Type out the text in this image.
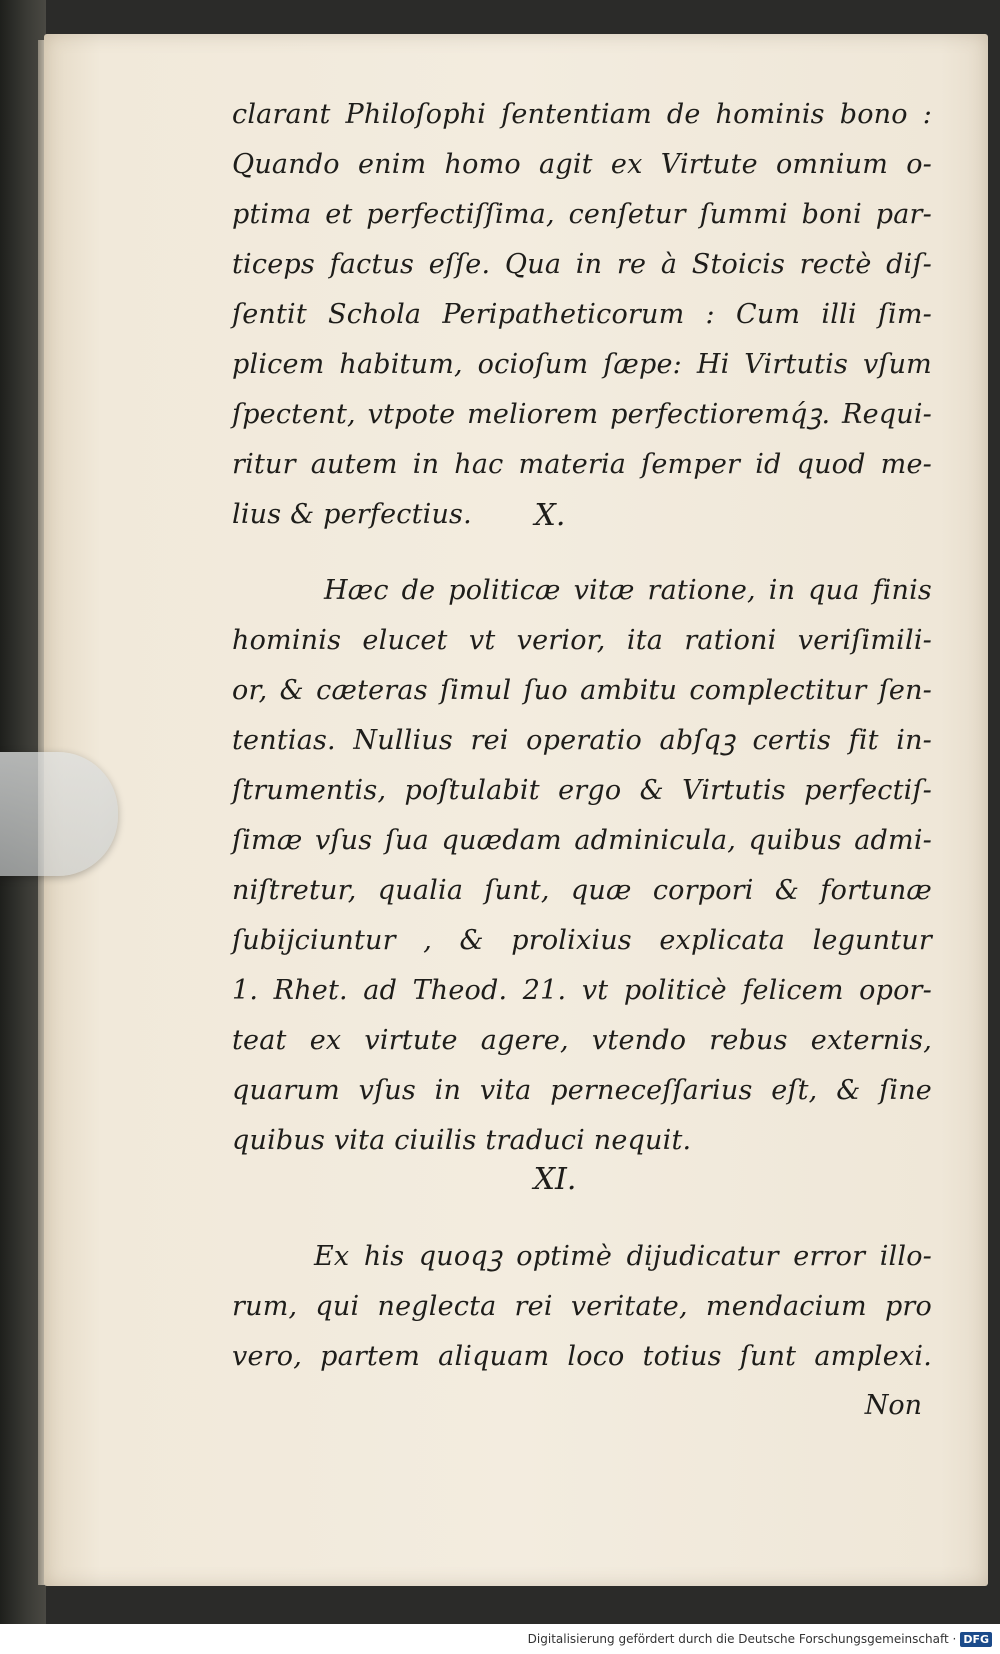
clarant Philoſophi ſententiam de hominis bono :
Quando enim homo agit ex Virtute omnium o-
ptima et perfectiſſima, cenſetur ſummi boni par-
ticeps factus eſſe. Qua in re à Stoicis rectè diſ-
ſentit Schola Peripatheticorum : Cum illi ſim-
plicem habitum, ocioſum ſæpe: Hi Virtutis vſum
ſpectent, vtpote meliorem perfectioremq́ꝫ. Requi-
ritur autem in hac materia ſemper id quod me-
lius & perfectius.	X.
Hæc de politicæ vitæ ratione, in qua finis
hominis elucet vt verior, ita rationi veriſimili-
or, & cæteras ſimul ſuo ambitu complectitur ſen-
tentias. Nullius rei operatio abſqꝫ certis fit in-
ſtrumentis, poſtulabit ergo & Virtutis perfectiſ-
ſimæ vſus ſua quædam adminicula, quibus admi-
niſtretur, qualia ſunt, quæ corpori & fortunæ
ſubijciuntur , & prolixius explicata leguntur
1. Rhet. ad Theod. 21. vt politicè felicem opor-
teat ex virtute agere, vtendo rebus externis,
quarum vſus in vita perneceſſarius eſt, & ſine
quibus vita ciuilis traduci nequit.
XI.
Ex his quoqꝫ optimè dijudicatur error illo-
rum, qui neglecta rei veritate, mendacium pro
vero, partem aliquam loco totius ſunt amplexi.
Non
Digitalisierung gefördert durch die Deutsche Forschungsgemeinschaft · DFG
